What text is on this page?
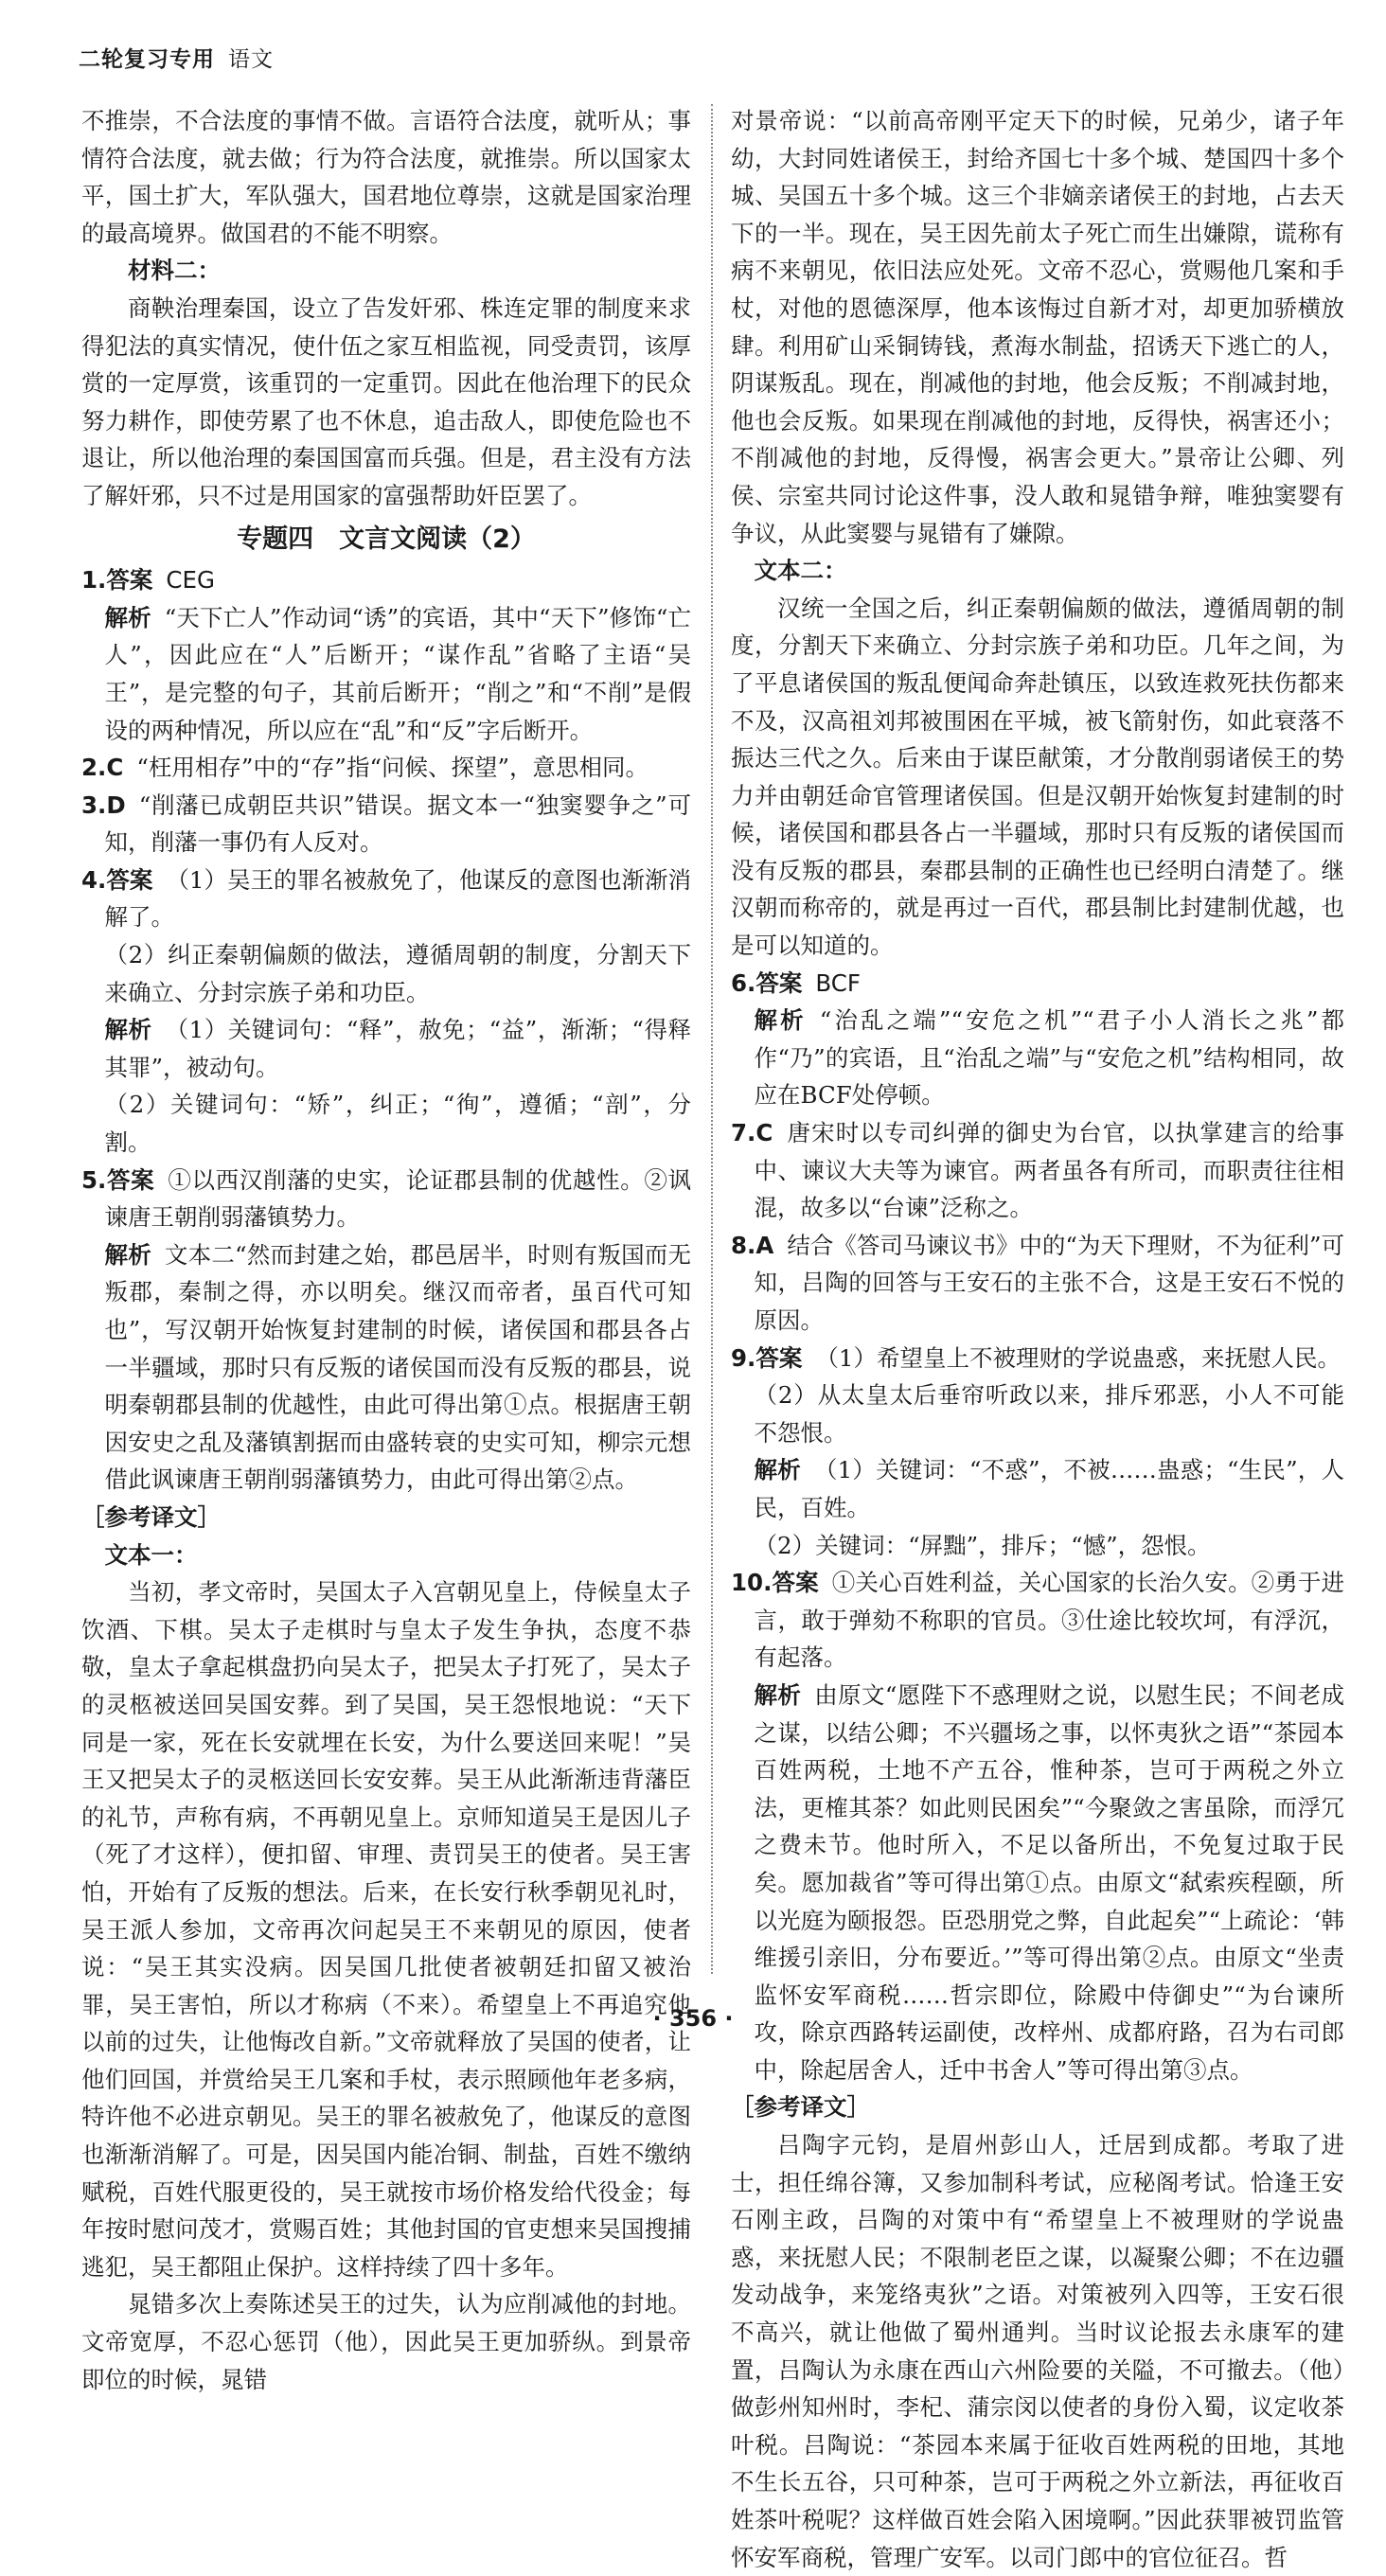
二轮复习专用 语文

不推崇，不合法度的事情不做。言语符合法度，就听从；事情符合法度，就去做；行为符合法度，就推崇。所以国家太平，国土扩大，军队强大，国君地位尊崇，这就是国家治理的最高境界。做国君的不能不明察。

材料二：

商鞅治理秦国，设立了告发奸邪、株连定罪的制度来求得犯法的真实情况，使什伍之家互相监视，同受责罚，该厚赏的一定厚赏，该重罚的一定重罚。因此在他治理下的民众努力耕作，即使劳累了也不休息，追击敌人，即使危险也不退让，所以他治理的秦国国富而兵强。但是，君主没有方法了解奸邪，只不过是用国家的富强帮助奸臣罢了。

专题四　文言文阅读（2）

1.答案 CEG

解析 “天下亡人”作动词“诱”的宾语，其中“天下”修饰“亡人”，因此应在“人”后断开；“谋作乱”省略了主语“吴王”，是完整的句子，其前后断开；“削之”和“不削”是假设的两种情况，所以应在“乱”和“反”字后断开。

2.C “枉用相存”中的“存”指“问候、探望”，意思相同。

3.D “削藩已成朝臣共识”错误。据文本一“独窦婴争之”可知，削藩一事仍有人反对。

4.答案 （1）吴王的罪名被赦免了，他谋反的意图也渐渐消解了。

（2）纠正秦朝偏颇的做法，遵循周朝的制度，分割天下来确立、分封宗族子弟和功臣。

解析 （1）关键词句：“释”，赦免；“益”，渐渐；“得释其罪”，被动句。

（2）关键词句：“矫”，纠正；“徇”，遵循；“剖”，分割。

5.答案 ①以西汉削藩的史实，论证郡县制的优越性。②讽谏唐王朝削弱藩镇势力。

解析 文本二“然而封建之始，郡邑居半，时则有叛国而无叛郡，秦制之得，亦以明矣。继汉而帝者，虽百代可知也”，写汉朝开始恢复封建制的时候，诸侯国和郡县各占一半疆域，那时只有反叛的诸侯国而没有反叛的郡县，说明秦朝郡县制的优越性，由此可得出第①点。根据唐王朝因安史之乱及藩镇割据而由盛转衰的史实可知，柳宗元想借此讽谏唐王朝削弱藩镇势力，由此可得出第②点。

［参考译文］

文本一：

当初，孝文帝时，吴国太子入宫朝见皇上，侍候皇太子饮酒、下棋。吴太子走棋时与皇太子发生争执，态度不恭敬，皇太子拿起棋盘扔向吴太子，把吴太子打死了，吴太子的灵柩被送回吴国安葬。到了吴国，吴王怨恨地说：“天下同是一家，死在长安就埋在长安，为什么要送回来呢！”吴王又把吴太子的灵柩送回长安安葬。吴王从此渐渐违背藩臣的礼节，声称有病，不再朝见皇上。京师知道吴王是因儿子（死了才这样），便扣留、审理、责罚吴王的使者。吴王害怕，开始有了反叛的想法。后来，在长安行秋季朝见礼时，吴王派人参加，文帝再次问起吴王不来朝见的原因，使者说：“吴王其实没病。因吴国几批使者被朝廷扣留又被治罪，吴王害怕，所以才称病（不来）。希望皇上不再追究他以前的过失，让他悔改自新。”文帝就释放了吴国的使者，让他们回国，并赏给吴王几案和手杖，表示照顾他年老多病，特许他不必进京朝见。吴王的罪名被赦免了，他谋反的意图也渐渐消解了。可是，因吴国内能冶铜、制盐，百姓不缴纳赋税，百姓代服更役的，吴王就按市场价格发给代役金；每年按时慰问茂才，赏赐百姓；其他封国的官吏想来吴国搜捕逃犯，吴王都阻止保护。这样持续了四十多年。

晁错多次上奏陈述吴王的过失，认为应削减他的封地。文帝宽厚，不忍心惩罚（他），因此吴王更加骄纵。到景帝即位的时候，晁错

对景帝说：“以前高帝刚平定天下的时候，兄弟少，诸子年幼，大封同姓诸侯王，封给齐国七十多个城、楚国四十多个城、吴国五十多个城。这三个非嫡亲诸侯王的封地，占去天下的一半。现在，吴王因先前太子死亡而生出嫌隙，谎称有病不来朝见，依旧法应处死。文帝不忍心，赏赐他几案和手杖，对他的恩德深厚，他本该悔过自新才对，却更加骄横放肆。利用矿山采铜铸钱，煮海水制盐，招诱天下逃亡的人，阴谋叛乱。现在，削减他的封地，他会反叛；不削减封地，他也会反叛。如果现在削减他的封地，反得快，祸害还小；不削减他的封地，反得慢，祸害会更大。”景帝让公卿、列侯、宗室共同讨论这件事，没人敢和晁错争辩，唯独窦婴有争议，从此窦婴与晁错有了嫌隙。

文本二：

汉统一全国之后，纠正秦朝偏颇的做法，遵循周朝的制度，分割天下来确立、分封宗族子弟和功臣。几年之间，为了平息诸侯国的叛乱便闻命奔赴镇压，以致连救死扶伤都来不及，汉高祖刘邦被围困在平城，被飞箭射伤，如此衰落不振达三代之久。后来由于谋臣献策，才分散削弱诸侯王的势力并由朝廷命官管理诸侯国。但是汉朝开始恢复封建制的时候，诸侯国和郡县各占一半疆域，那时只有反叛的诸侯国而没有反叛的郡县，秦郡县制的正确性也已经明白清楚了。继汉朝而称帝的，就是再过一百代，郡县制比封建制优越，也是可以知道的。

6.答案 BCF

解析 “治乱之端”“安危之机”“君子小人消长之兆”都作“乃”的宾语，且“治乱之端”与“安危之机”结构相同，故应在BCF处停顿。

7.C 唐宋时以专司纠弹的御史为台官，以执掌建言的给事中、谏议大夫等为谏官。两者虽各有所司，而职责往往相混，故多以“台谏”泛称之。

8.A 结合《答司马谏议书》中的“为天下理财，不为征利”可知，吕陶的回答与王安石的主张不合，这是王安石不悦的原因。

9.答案 （1）希望皇上不被理财的学说蛊惑，来抚慰人民。

（2）从太皇太后垂帘听政以来，排斥邪恶，小人不可能不怨恨。

解析 （1）关键词：“不惑”，不被……蛊惑；“生民”，人民，百姓。

（2）关键词：“屏黜”，排斥；“憾”，怨恨。

10.答案 ①关心百姓利益，关心国家的长治久安。②勇于进言，敢于弹劾不称职的官员。③仕途比较坎坷，有浮沉，有起落。

解析 由原文“愿陛下不惑理财之说，以慰生民；不间老成之谋，以结公卿；不兴疆场之事，以怀夷狄之语”“茶园本百姓两税，土地不产五谷，惟种茶，岂可于两税之外立法，更榷其茶？如此则民困矣”“今聚敛之害虽除，而浮冗之费未节。他时所入，不足以备所出，不免复过取于民矣。愿加裁省”等可得出第①点。由原文“弑索疾程颐，所以光庭为颐报怨。臣恐朋党之弊，自此起矣”“上疏论：‘韩维援引亲旧，分布要近。’”等可得出第②点。由原文“坐责监怀安军商税……哲宗即位，除殿中侍御史”“为台谏所攻，除京西路转运副使，改梓州、成都府路，召为右司郎中，除起居舍人，迁中书舍人”等可得出第③点。

［参考译文］

吕陶字元钧，是眉州彭山人，迁居到成都。考取了进士，担任绵谷簿，又参加制科考试，应秘阁考试。恰逢王安石刚主政，吕陶的对策中有“希望皇上不被理财的学说蛊惑，来抚慰人民；不限制老臣之谋，以凝聚公卿；不在边疆发动战争，来笼络夷狄”之语。对策被列入四等，王安石很不高兴，就让他做了蜀州通判。当时议论报去永康军的建置，吕陶认为永康在西山六州险要的关隘，不可撤去。（他）做彭州知州时，李杞、蒲宗闵以使者的身份入蜀，议定收茶叶税。吕陶说：“茶园本来属于征收百姓两税的田地，其地不生长五谷，只可种茶，岂可于两税之外立新法，再征收百姓茶叶税呢？这样做百姓会陷入困境啊。”因此获罪被罚监管怀安军商税，管理广安军。以司门郎中的官位征召。哲

· 356 ·
